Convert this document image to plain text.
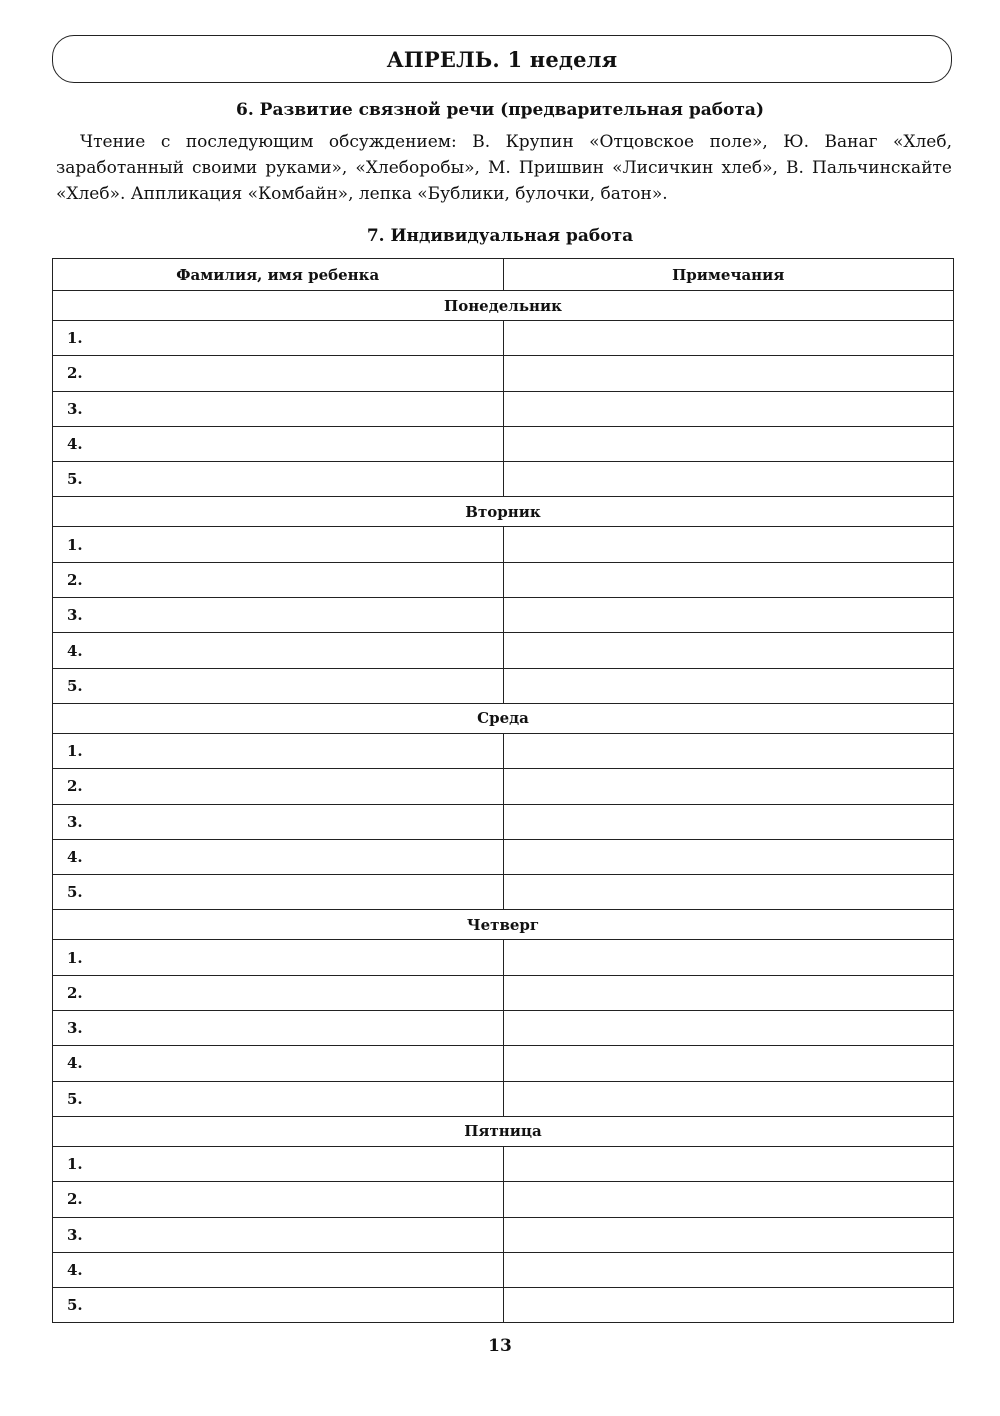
АПРЕЛЬ. 1 неделя
6. Развитие связной речи (предварительная работа)
Чтение с последующим обсуждением: В. Крупин «Отцовское поле», Ю. Ванаг «Хлеб, заработанный своими руками», «Хлеборобы», М. Пришвин «Лисичкин хлеб», В. Пальчинскайте «Хлеб». Аппликация «Комбайн», лепка «Бублики, булочки, батон».
7. Индивидуальная работа
Фамилия, имя ребенка	Примечания
Понедельник	
1.	
2.	
3.	
4.	
5.	
Вторник	
1.	
2.	
3.	
4.	
5.	
Среда	
1.	
2.	
3.	
4.	
5.	
Четверг	
1.	
2.	
3.	
4.	
5.	
Пятница	
1.	
2.	
3.	
4.	
5.	
13
